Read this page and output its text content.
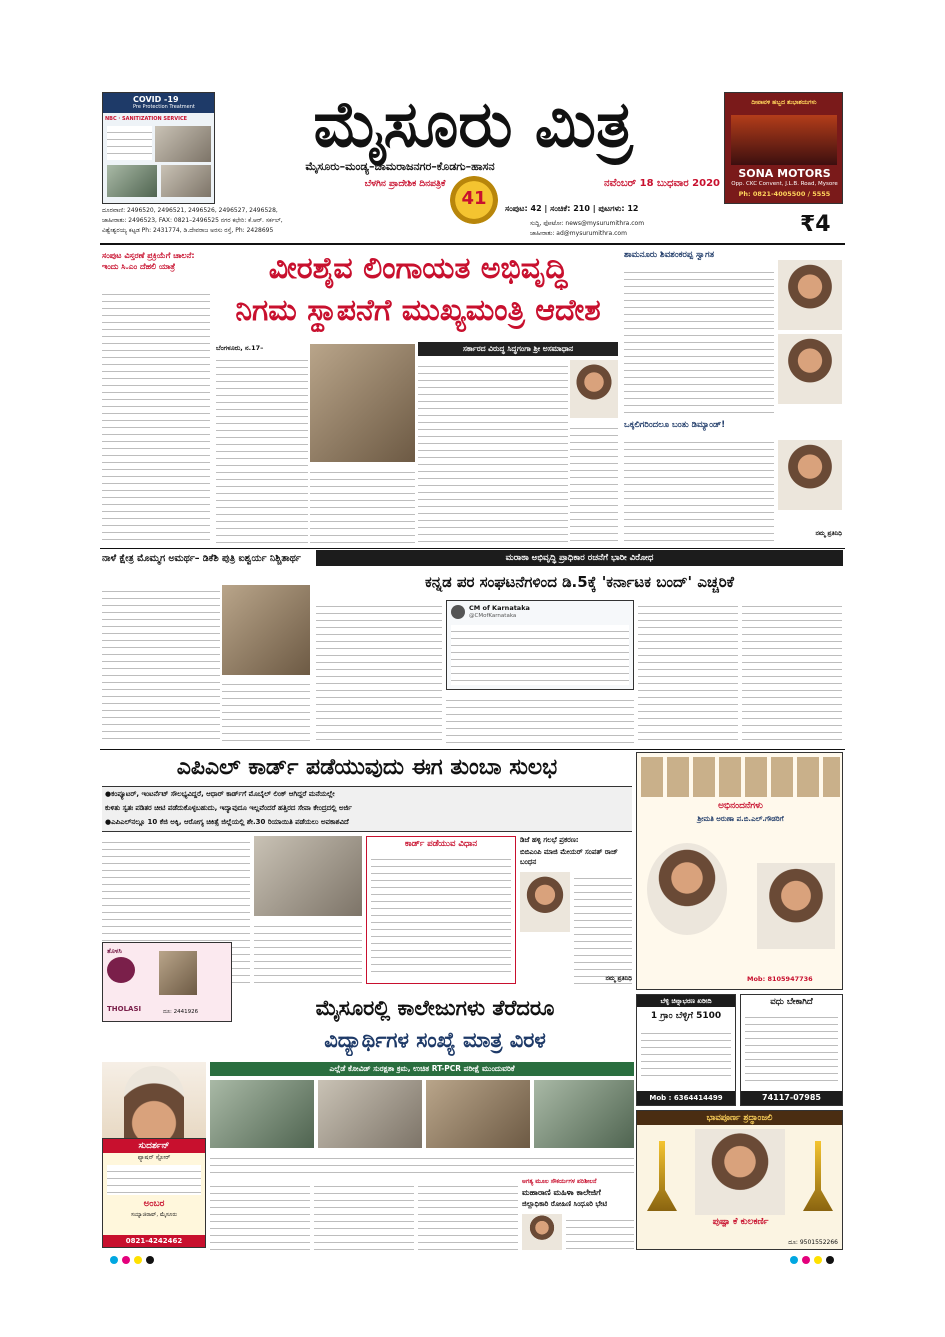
COVID -19
Pre Protection Treatment
NBC · SANITIZATION SERVICE	ಮೈಸೂರು ಮಿತ್ರ
ಮೈಸೂರು–ಮಂಡ್ಯ–ಚಾಮರಾಜನಗರ–ಕೊಡಗು–ಹಾಸನ
ಬೆಳಗಿನ ಪ್ರಾದೇಶಿಕ ದಿನಪತ್ರಿಕೆ
41
ನವೆಂಬರ್ 18 ಬುಧವಾರ 2020
ದೀಪಾವಳಿ ಹಬ್ಬದ ಶುಭಾಶಯಗಳು
SONA MOTORS
Opp. CKC Convent, J.L.B. Road, Mysore
Ph: 0821-4005500 / 5555
ದೂರವಾಣಿ: 2496520, 2496521, 2496526, 2496527, 2496528,
ಜಾಹೀರಾತು: 2496523, FAX: 0821–2496525 ನಗರ ಕಛೇರಿ: ಕೆ.ಆರ್. ಸರ್ಕಲ್,
ವಿಶ್ವೇಶ್ವರಯ್ಯ ಕಟ್ಟಡ Ph: 2431774, ಡಿ.ದೇವರಾಜ ಅರಸು ರಸ್ತೆ, Ph: 2428695
ಸಂಪುಟ: 42 | ಸಂಚಿಕೆ: 210 | ಪುಟಗಳು: 12
ಸುದ್ದಿ, ಫೋಟೋ: news@mysurumithra.com
ಜಾಹೀರಾತು: ad@mysurumithra.com	₹4
ಸಂಪುಟ ವಿಸ್ತರಣೆ ಪ್ರಕ್ರಿಯೆಗೆ ಚಾಲನೆ: ಇಂದು ಸಿ.ಎಂ ದೆಹಲಿ ಯಾತ್ರೆ	ವೀರಶೈವ ಲಿಂಗಾಯತ ಅಭಿವೃದ್ಧಿ
ನಿಗಮ ಸ್ಥಾಪನೆಗೆ ಮುಖ್ಯಮಂತ್ರಿ ಆದೇಶ
ಬೆಂಗಳೂರು, ನ.17–	ಸರ್ಕಾರದ ವಿರುದ್ಧ ಸಿದ್ಧಗಂಗಾ ಶ್ರೀ ಅಸಮಾಧಾನ
ಶಾಮನೂರು ಶಿವಶಂಕರಪ್ಪ ಸ್ವಾಗತ
ಒಕ್ಕಲಿಗರಿಂದಲೂ ಬಂತು ಡಿಮ್ಯಾಂಡ್!
ನಮ್ಮ ಪ್ರತಿನಿಧಿ
ನಾಳೆ ಕ್ಷೇತ್ರ ಮೊಮ್ಮಗ ಅಮರ್ಥ– ಡಿಕೆಶಿ ಪುತ್ರಿ ಐಶ್ವರ್ಯ ನಿಶ್ಚಿತಾರ್ಥ	ಮರಾಠಾ ಅಭಿವೃದ್ಧಿ ಪ್ರಾಧಿಕಾರ ರಚನೆಗೆ ಭಾರೀ ವಿರೋಧ
ಕನ್ನಡ ಪರ ಸಂಘಟನೆಗಳಿಂದ ಡಿ.5ಕ್ಕೆ 'ಕರ್ನಾಟಕ ಬಂದ್' ಎಚ್ಚರಿಕೆ
CM of Karnataka
@CMofKarnataka
ಎಪಿಎಲ್ ಕಾರ್ಡ್ ಪಡೆಯುವುದು ಈಗ ತುಂಬಾ ಸುಲಭ
●ಕಂಪ್ಯೂಟರ್, ಇಂಟರ್ನೆಟ್ ಸೌಲಭ್ಯವಿದ್ದರೆ, ಆಧಾರ್ ಕಾರ್ಡ್‌ಗೆ ಮೊಬೈಲ್ ಲಿಂಕ್ ಆಗಿದ್ದರೆ ಮನೆಯಲ್ಲೇ
ಕುಳಿತು ಸ್ವತಃ ಪಡಿತರ ಚೀಟಿ ಪಡೆದುಕೊಳ್ಳಬಹುದು, ಇದ್ಯಾವುದೂ ಇಲ್ಲವೆಂದರೆ ಹತ್ತಿರದ ಸೇವಾ ಕೇಂದ್ರದಲ್ಲಿ ಅರ್ಜಿ
●ಎಪಿಎಲ್‌ನಲ್ಲೂ 10 ಕೆಜಿ ಅಕ್ಕಿ, ಆರೋಗ್ಯ ಚಿಕಿತ್ಸೆ ಜಿಲ್ಲೆಯಲ್ಲಿ ಶೇ.30 ರಿಯಾಯಿತಿ ಪಡೆಯಲು ಅವಕಾಶವಿದೆ
ಕಾರ್ಡ್ ಪಡೆಯುವ ವಿಧಾನ	ಡಿಜೆ ಹಳ್ಳಿ ಗಲಭೆ ಪ್ರಕರಣ:
ಬಿಬಿಎಂಪಿ ಮಾಜಿ ಮೇಯರ್ ಸಂಪತ್ ರಾಜ್ ಬಂಧನ
ನಮ್ಮ ಪ್ರತಿನಿಧಿ
ಅಭಿನಂದನೆಗಳು
ಶ್ರೀಮತಿ ಅರುಣಾ ಪ.ಬಿ.ಎಲ್.ಗೌಡರಿಗೆ
Mob: 8105947736
ತೊಳಸಿ
THOLASI	ದೂ: 2441926	ಮೈಸೂರಲ್ಲಿ ಕಾಲೇಜುಗಳು ತೆರೆದರೂ
ವಿದ್ಯಾರ್ಥಿಗಳ ಸಂಖ್ಯೆ ಮಾತ್ರ ವಿರಳ
ಬೆಳ್ಳಿ ಚಿನ್ನಾಭರಣ ಖರೀದಿ
1 ಗ್ರಾಂ ಬೆಳ್ಳಿಗೆ 5100
Mob : 6364414499
ವಧು ಬೇಕಾಗಿದೆ
74117-07985
ಎಲ್ಲೆಡೆ ಕೋವಿಡ್ ಸುರಕ್ಷತಾ ಕ್ರಮ, ಉಚಿತ RT-PCR ಪರೀಕ್ಷೆ ಮುಂದುವರಿಕೆ
ಅಗತ್ಯ ಮೂಲ ಸೌಕರ್ಯಗಳ ಪರಿಶೀಲನೆ
ಮಹಾರಾಣಿ ಮಹಿಳಾ ಕಾಲೇಜಿಗೆ
ಜಿಲ್ಲಾಧಿಕಾರಿ ರೋಹಿಣಿ ಸಿಂಧೂರಿ ಭೇಟಿ
ಸುದರ್ಶನ್
ಫ್ಯಾಷನ್ ಸ್ಟೋರ್
ಅಂಬರ
ಸಯ್ಯಾಜಿರಾವ್, ಮೈಸೂರು
0821-4242462
ಭಾವಪೂರ್ಣ ಶ್ರದ್ಧಾಂಜಲಿ
ಪುಷ್ಪಾ ಕೆ ಕುಲಕರ್ಣಿ
ದೂ: 9501552266
